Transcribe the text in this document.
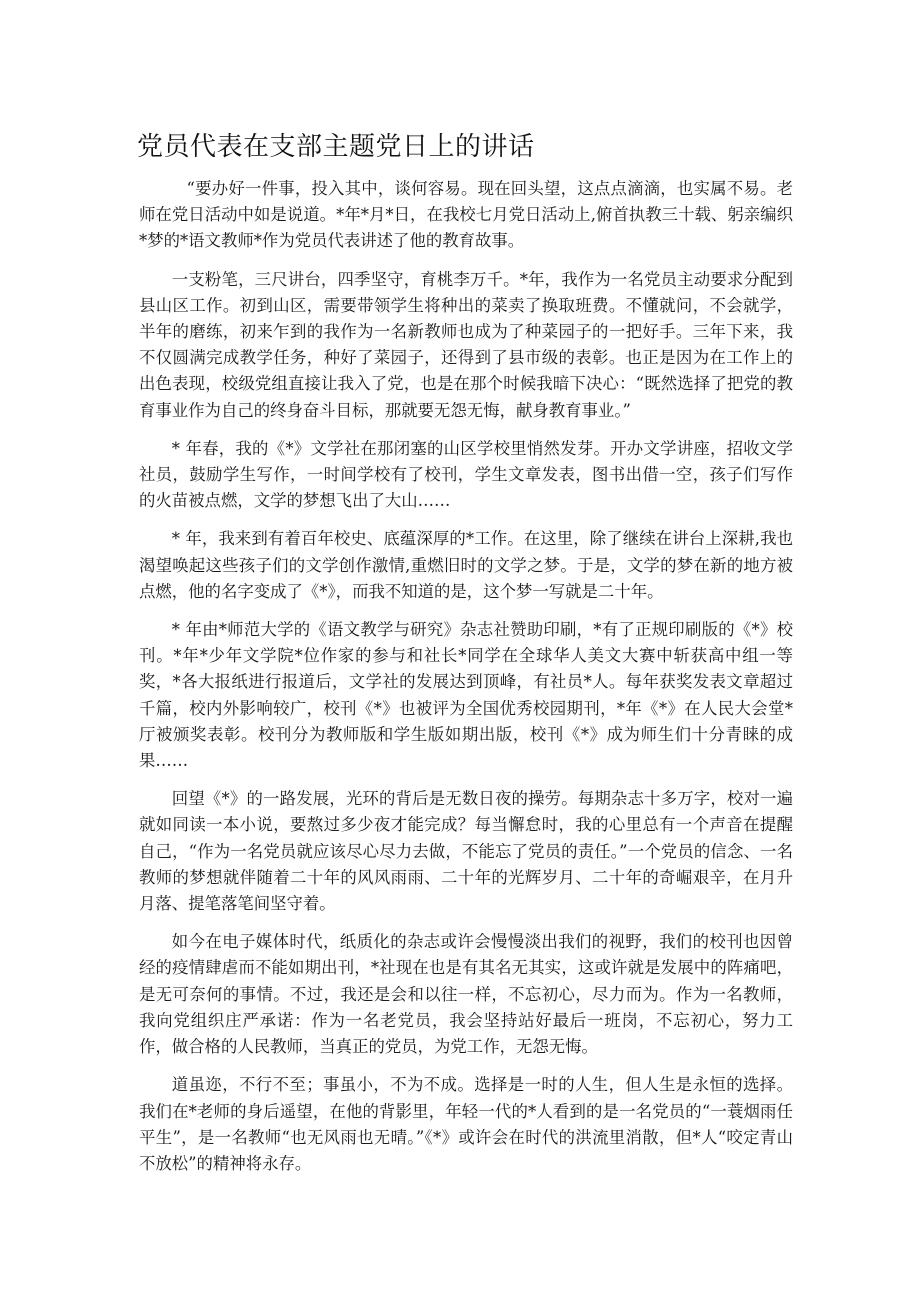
党员代表在支部主题党日上的讲话

“要办好一件事，投入其中，谈何容易。现在回头望，这点点滴滴，也实属不易。老师在党日活动中如是说道。*年*月*日，在我校七月党日活动上,俯首执教三十载、躬亲编织*梦的*语文教师*作为党员代表讲述了他的教育故事。

一支粉笔，三尺讲台，四季坚守，育桃李万千。*年，我作为一名党员主动要求分配到县山区工作。初到山区，需要带领学生将种出的菜卖了换取班费。不懂就问，不会就学，半年的磨练，初来乍到的我作为一名新教师也成为了种菜园子的一把好手。三年下来，我不仅圆满完成教学任务，种好了菜园子，还得到了县市级的表彰。也正是因为在工作上的出色表现，校级党组直接让我入了党，也是在那个时候我暗下决心：“既然选择了把党的教育事业作为自己的终身奋斗目标，那就要无怨无悔，献身教育事业。”

* 年春，我的《*》文学社在那闭塞的山区学校里悄然发芽。开办文学讲座，招收文学社员，鼓励学生写作，一时间学校有了校刊，学生文章发表，图书出借一空，孩子们写作的火苗被点燃，文学的梦想飞出了大山……

* 年，我来到有着百年校史、底蕴深厚的*工作。在这里，除了继续在讲台上深耕,我也渴望唤起这些孩子们的文学创作激情,重燃旧时的文学之梦。于是，文学的梦在新的地方被点燃，他的名字变成了《*》，而我不知道的是，这个梦一写就是二十年。

* 年由*师范大学的《语文教学与研究》杂志社赞助印刷，*有了正规印刷版的《*》校刊。*年*少年文学院*位作家的参与和社长*同学在全球华人美文大赛中斩获高中组一等奖，*各大报纸进行报道后，文学社的发展达到顶峰，有社员*人。每年获奖发表文章超过千篇，校内外影响较广，校刊《*》也被评为全国优秀校园期刊，*年《*》在人民大会堂*厅被颁奖表彰。校刊分为教师版和学生版如期出版，校刊《*》成为师生们十分青睐的成果……

回望《*》的一路发展，光环的背后是无数日夜的操劳。每期杂志十多万字，校对一遍就如同读一本小说，要熬过多少夜才能完成？每当懈怠时，我的心里总有一个声音在提醒自己，“作为一名党员就应该尽心尽力去做，不能忘了党员的责任。”一个党员的信念、一名教师的梦想就伴随着二十年的风风雨雨、二十年的光辉岁月、二十年的奇崛艰辛，在月升月落、提笔落笔间坚守着。

如今在电子媒体时代，纸质化的杂志或许会慢慢淡出我们的视野，我们的校刊也因曾经的疫情肆虐而不能如期出刊，*社现在也是有其名无其实，这或许就是发展中的阵痛吧，是无可奈何的事情。不过，我还是会和以往一样，不忘初心，尽力而为。作为一名教师，我向党组织庄严承诺：作为一名老党员，我会坚持站好最后一班岗，不忘初心，努力工作，做合格的人民教师，当真正的党员，为党工作，无怨无悔。

道虽迩，不行不至；事虽小，不为不成。选择是一时的人生，但人生是永恒的选择。我们在*老师的身后遥望，在他的背影里，年轻一代的*人看到的是一名党员的“一蓑烟雨任平生”，是一名教师“也无风雨也无晴。”《*》或许会在时代的洪流里消散，但*人“咬定青山不放松”的精神将永存。
